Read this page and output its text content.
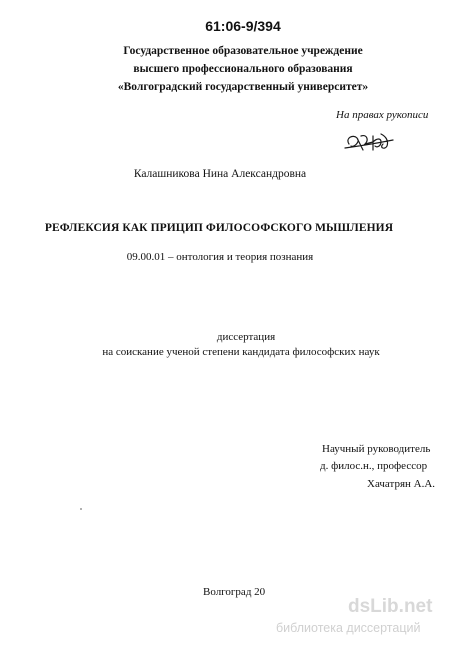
61:06-9/394
Государственное образовательное учреждение
высшего профессионального образования
«Волгоградский государственный университет»
На правах рукописи
Калашникова Нина Александровна
РЕФЛЕКСИЯ КАК ПРИЦИП ФИЛОСОФСКОГО МЫШЛЕНИЯ
09.00.01 – онтология и теория познания
диссертация
на соискание ученой степени кандидата философских наук
Научный руководитель
д. филос.н., профессор
Хачатрян А.А.
Волгоград 20
dsLib.net
библиотека диссертаций
